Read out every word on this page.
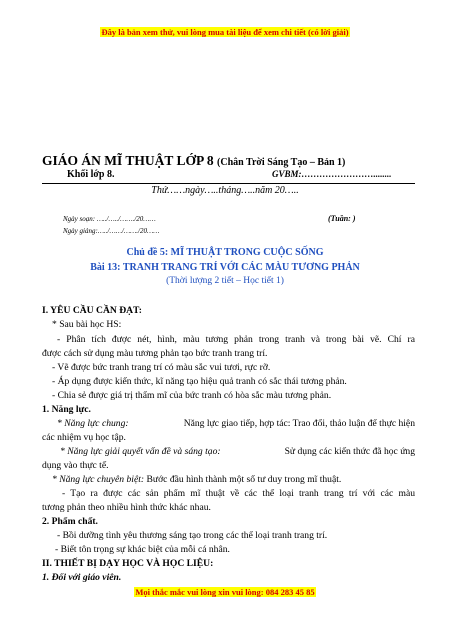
Đây là bản xem thử, vui lòng mua tài liệu để xem chi tiết (có lời giải)
GIÁO ÁN MĨ THUẬT LỚP 8 (Chân Trời Sáng Tạo – Bản 1)
Khối lớp 8.	GVBM:……………………........
Thứ……ngày…..tháng…..năm 20…..
Ngày soạn: …../…../……./20……	(Tuần: )
Ngày giảng:…../……/……./20……
Chủ đề 5: MĨ THUẬT TRONG CUỘC SỐNG
Bài 13: TRANH TRANG TRÍ VỚI CÁC MÀU TƯƠNG PHẢN
(Thời lượng 2 tiết – Học tiết 1)
I. YÊU CẦU CẦN ĐẠT:
* Sau bài học HS:
- Phân tích được nét, hình, màu tương phản trong tranh và trong bài vẽ. Chí ra
được cách sử dụng màu tương phản tạo bức tranh trang trí.
- Vẽ được bức tranh trang trí có màu sắc vui tươi, rực rỡ.
- Áp dụng được kiến thức, kĩ năng tạo hiệu quả tranh có sắc thái tương phản.
- Chia sẻ được giá trị thẩm mĩ của bức tranh có hòa sắc màu tương phản.
1. Năng lực.
* Năng lực chung:	Năng lực giao tiếp, hợp tác: Trao đổi, thảo luận để thực hiện
các nhiệm vụ học tập.
* Năng lực giải quyết vấn đề và sáng tạo:	Sử dụng các kiến thức đã học ứng
dụng vào thực tế.
* Năng lực chuyên biệt: Bước đầu hình thành một số tư duy trong mĩ thuật.
- Tạo ra được các sản phẩm mĩ thuật về các thể loại tranh trang trí với các màu
tương phản theo nhiều hình thức khác nhau.
2. Phẩm chất.
- Bồi dưỡng tình yêu thương sáng tạo trong các thể loại tranh trang trí.
- Biết tôn trọng sự khác biệt của mỗi cá nhân.
II. THIẾT BỊ DẠY HỌC VÀ HỌC LIỆU:
1. Đối với giáo viên.
Mọi thắc mắc vui lòng xin vui lòng: 084 283 45 85
